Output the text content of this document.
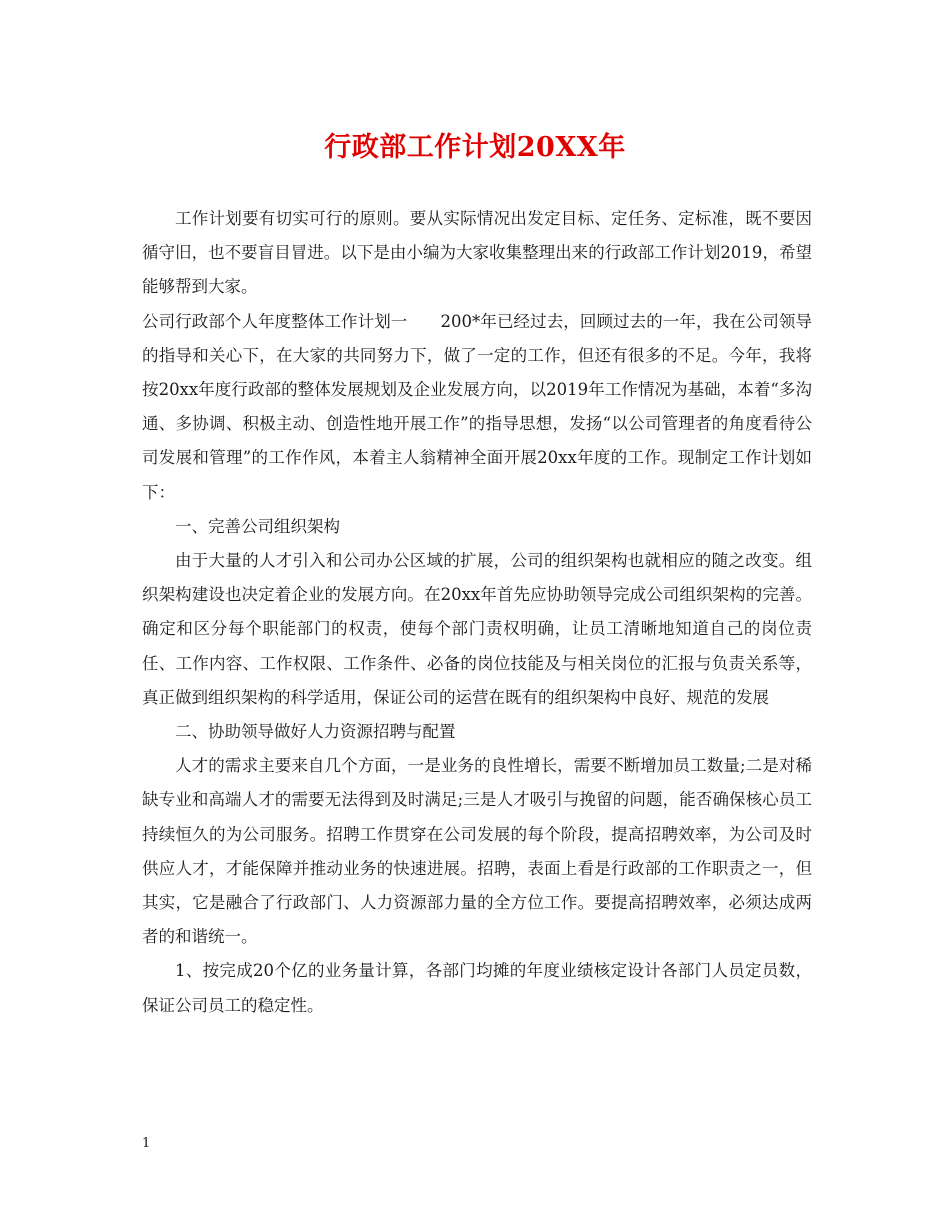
行政部工作计划20XX年

工作计划要有切实可行的原则。要从实际情况出发定目标、定任务、定标准，既不要因循守旧，也不要盲目冒进。以下是由小编为大家收集整理出来的行政部工作计划2019，希望能够帮到大家。

公司行政部个人年度整体工作计划一　　200*年已经过去，回顾过去的一年，我在公司领导的指导和关心下，在大家的共同努力下，做了一定的工作，但还有很多的不足。今年，我将按20xx年度行政部的整体发展规划及企业发展方向，以2019年工作情况为基础，本着“多沟通、多协调、积极主动、创造性地开展工作”的指导思想，发扬“以公司管理者的角度看待公司发展和管理”的工作作风，本着主人翁精神全面开展20xx年度的工作。现制定工作计划如下：

一、完善公司组织架构

由于大量的人才引入和公司办公区域的扩展，公司的组织架构也就相应的随之改变。组织架构建设也决定着企业的发展方向。在20xx年首先应协助领导完成公司组织架构的完善。确定和区分每个职能部门的权责，使每个部门责权明确，让员工清晰地知道自己的岗位责任、工作内容、工作权限、工作条件、必备的岗位技能及与相关岗位的汇报与负责关系等，真正做到组织架构的科学适用，保证公司的运营在既有的组织架构中良好、规范的发展

二、协助领导做好人力资源招聘与配置

人才的需求主要来自几个方面，一是业务的良性增长，需要不断增加员工数量;二是对稀缺专业和高端人才的需要无法得到及时满足;三是人才吸引与挽留的问题，能否确保核心员工持续恒久的为公司服务。招聘工作贯穿在公司发展的每个阶段，提高招聘效率，为公司及时供应人才，才能保障并推动业务的快速进展。招聘，表面上看是行政部的工作职责之一，但其实，它是融合了行政部门、人力资源部力量的全方位工作。要提高招聘效率，必须达成两者的和谐统一。

1、按完成20个亿的业务量计算，各部门均摊的年度业绩核定设计各部门人员定员数，保证公司员工的稳定性。

1
